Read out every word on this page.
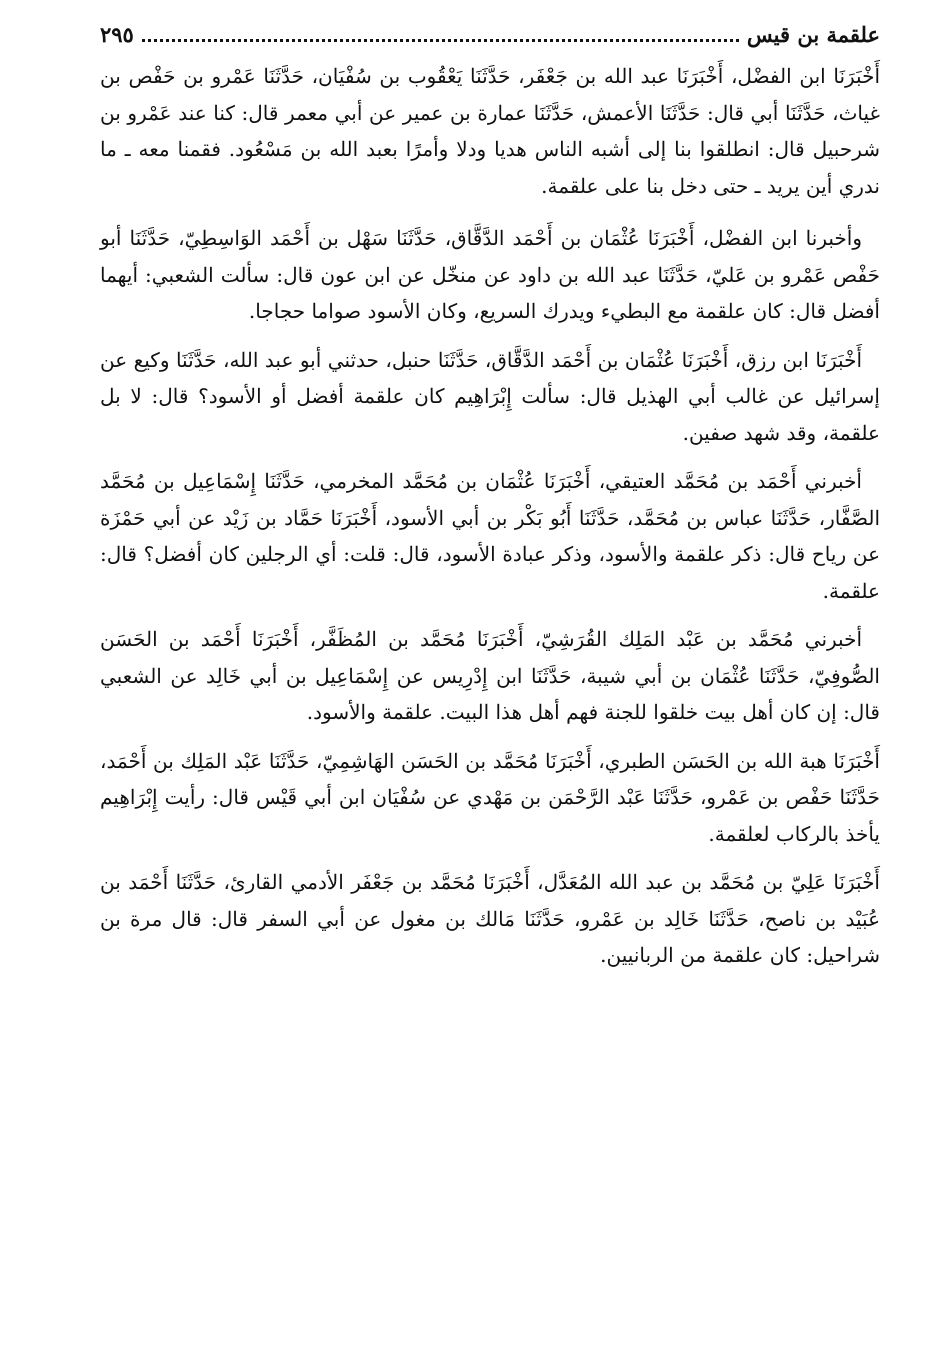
علقمة بن قيس
٢٩٥

أَخْبَرَنَا ابن الفضْل، أَخْبَرَنَا عبد الله بن جَعْفَر، حَدَّثَنَا يَعْقُوب بن سُفْيَان، حَدَّثَنَا عَمْرو بن حَفْص بن غياث، حَدَّثَنَا أبي قال: حَدَّثَنَا الأعمش، حَدَّثَنَا عمارة بن عمير عن أبي معمر قال: كنا عند عَمْرو بن شرحبيل قال: انطلقوا بنا إلى أشبه الناس هديا ودلا وأمرًا بعبد الله بن مَسْعُود. فقمنا معه ـ ما ندري أين يريد ـ حتى دخل بنا على علقمة.

وأخبرنا ابن الفضْل، أَخْبَرَنَا عُثْمَان بن أَحْمَد الدَّقَّاق، حَدَّثَنَا سَهْل بن أَحْمَد الوَاسِطِيّ، حَدَّثَنَا أبو حَفْص عَمْرو بن عَليّ، حَدَّثَنَا عبد الله بن داود عن منخّل عن ابن عون قال: سألت الشعبي: أيهما أفضل قال: كان علقمة مع البطيء ويدرك السريع، وكان الأسود صواما حجاجا.

أَخْبَرَنَا ابن رزق، أَخْبَرَنَا عُثْمَان بن أَحْمَد الدَّقَّاق، حَدَّثَنَا حنبل، حدثني أبو عبد الله، حَدَّثَنَا وكيع عن إسرائيل عن غالب أبي الهذيل قال: سألت إِبْرَاهِيم كان علقمة أفضل أو الأسود؟ قال: لا بل علقمة، وقد شهد صفين.

أخبرني أَحْمَد بن مُحَمَّد العتيقي، أَخْبَرَنَا عُثْمَان بن مُحَمَّد المخرمي، حَدَّثَنَا إِسْمَاعِيل بن مُحَمَّد الصَّفَّار، حَدَّثَنَا عباس بن مُحَمَّد، حَدَّثَنَا أَبُو بَكْر بن أبي الأسود، أَخْبَرَنَا حَمَّاد بن زَيْد عن أبي حَمْزَة عن رياح قال: ذكر علقمة والأسود، وذكر عبادة الأسود، قال: قلت: أي الرجلين كان أفضل؟ قال: علقمة.

أخبرني مُحَمَّد بن عَبْد المَلِك القُرَشِيّ، أَخْبَرَنَا مُحَمَّد بن المُظَفَّر، أَخْبَرَنَا أَحْمَد بن الحَسَن الصُّوفِيّ، حَدَّثَنَا عُثْمَان بن أبي شيبة، حَدَّثَنَا ابن إِدْرِيس عن إِسْمَاعِيل بن أبي خَالِد عن الشعبي قال: إن كان أهل بيت خلقوا للجنة فهم أهل هذا البيت. علقمة والأسود.

أَخْبَرَنَا هبة الله بن الحَسَن الطبري، أَخْبَرَنَا مُحَمَّد بن الحَسَن الهَاشِمِيّ، حَدَّثَنَا عَبْد المَلِك بن أَحْمَد، حَدَّثَنَا حَفْص بن عَمْرو، حَدَّثَنَا عَبْد الرَّحْمَن بن مَهْدي عن سُفْيَان ابن أبي قَيْس قال: رأيت إِبْرَاهِيم يأخذ بالركاب لعلقمة.

أَخْبَرَنَا عَلِيّ بن مُحَمَّد بن عبد الله المُعَدَّل، أَخْبَرَنَا مُحَمَّد بن جَعْفَر الأدمي القارئ، حَدَّثَنَا أَحْمَد بن عُبَيْد بن ناصح، حَدَّثَنَا خَالِد بن عَمْرو، حَدَّثَنَا مَالك بن مغول عن أبي السفر قال: قال مرة بن شراحيل: كان علقمة من الربانيين.
